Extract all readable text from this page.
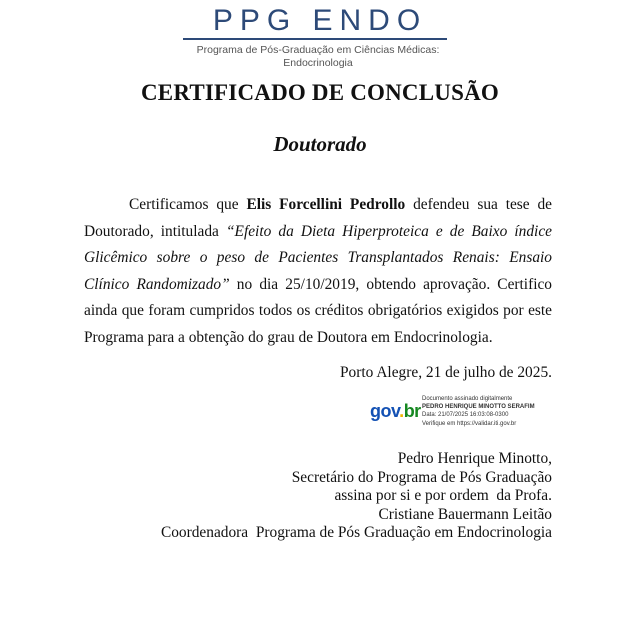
PPG ENDO
Programa de Pós-Graduação em Ciências Médicas:
Endocrinologia
CERTIFICADO DE CONCLUSÃO
Doutorado

Certificamos que Elis Forcellini Pedrollo defendeu sua tese de Doutorado, intitulada “Efeito da Dieta Hiperproteica e de Baixo índice Glicêmico sobre o peso de Pacientes Transplantados Renais: Ensaio Clínico Randomizado” no dia 25/10/2019, obtendo aprovação. Certifico ainda que foram cumpridos todos os créditos obrigatórios exigidos por este Programa para a obtenção do grau de Doutora em Endocrinologia.

Porto Alegre, 21 de julho de 2025.
gov.br
Documento assinado digitalmente
PEDRO HENRIQUE MINOTTO SERAFIM
Data: 21/07/2025 16:03:08-0300
Verifique em https://validar.iti.gov.br
Pedro Henrique Minotto,
Secretário do Programa de Pós Graduação
assina por si e por ordem  da Profa.
Cristiane Bauermann Leitão
Coordenadora  Programa de Pós Graduação em Endocrinologia
